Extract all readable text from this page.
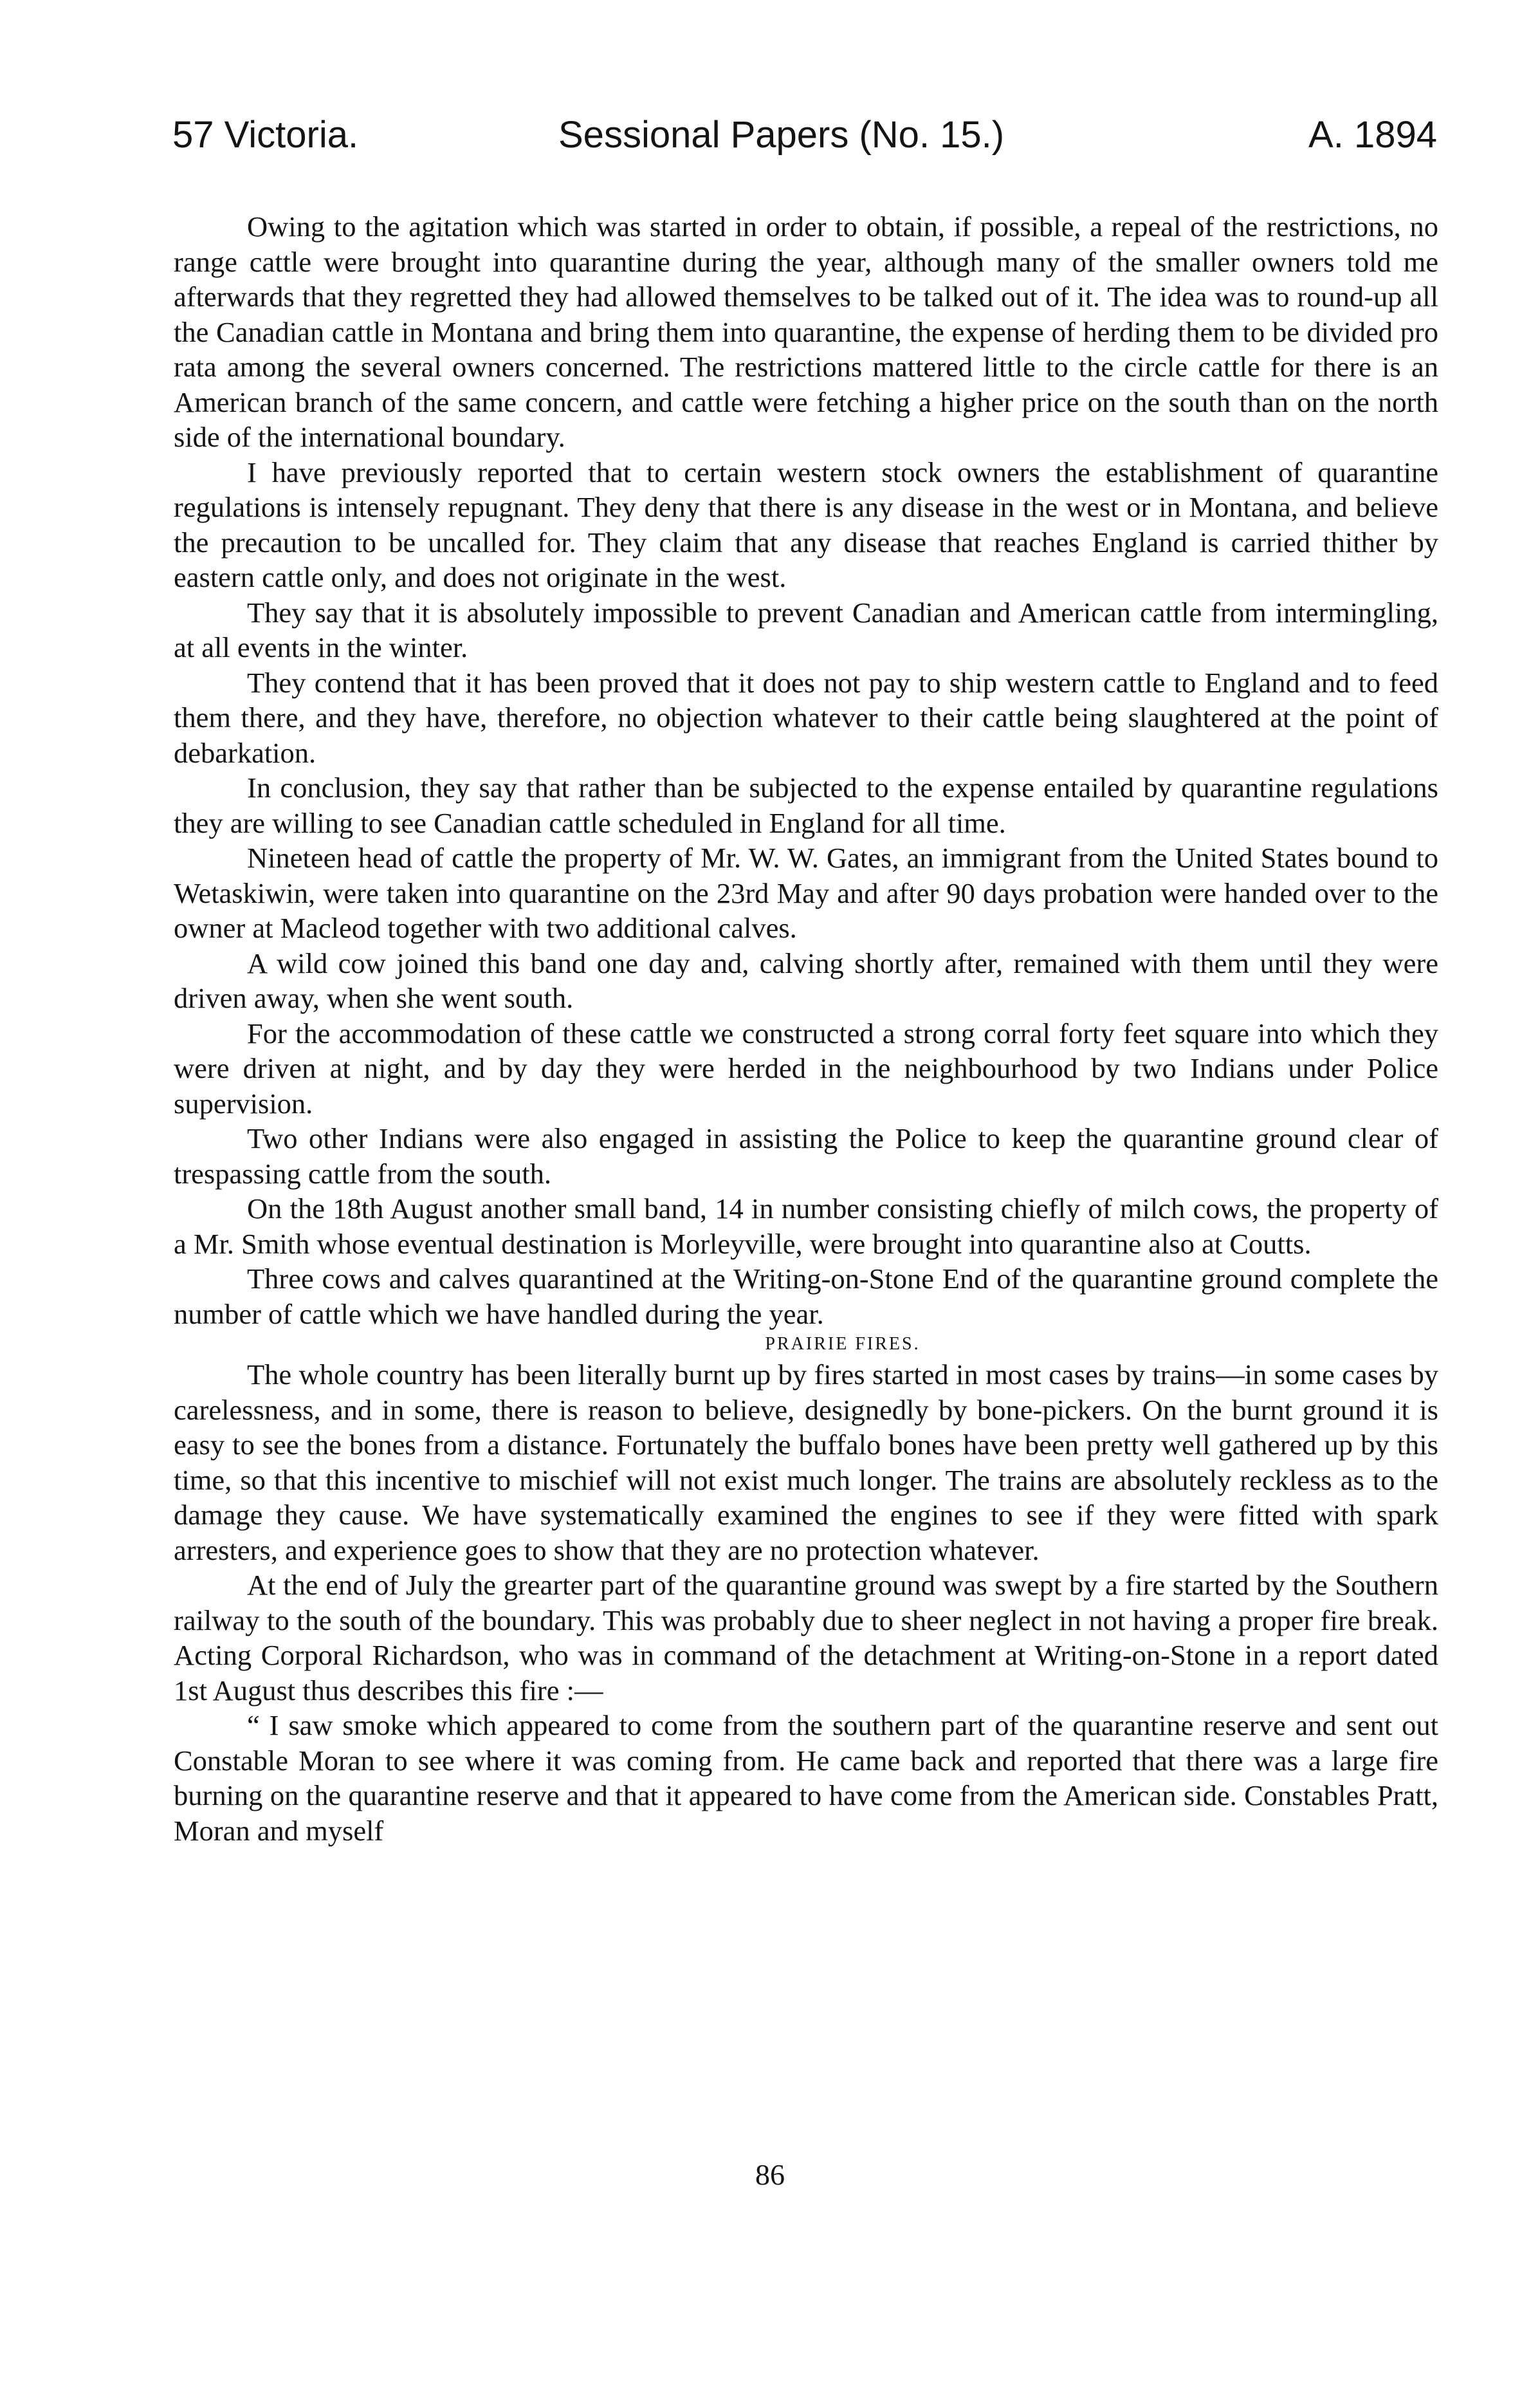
57 Victoria.	Sessional Papers (No. 15.)	A. 1894

Owing to the agitation which was started in order to obtain, if possible, a repeal of the restrictions, no range cattle were brought into quarantine during the year, although many of the smaller owners told me afterwards that they regretted they had allowed themselves to be talked out of it. The idea was to round-up all the Canadian cattle in Montana and bring them into quarantine, the expense of herding them to be divided pro rata among the several owners concerned. The restrictions mattered little to the circle cattle for there is an American branch of the same concern, and cattle were fetching a higher price on the south than on the north side of the international boundary.

I have previously reported that to certain western stock owners the establishment of quarantine regulations is intensely repugnant. They deny that there is any disease in the west or in Montana, and believe the precaution to be uncalled for. They claim that any disease that reaches England is carried thither by eastern cattle only, and does not originate in the west.

They say that it is absolutely impossible to prevent Canadian and American cattle from intermingling, at all events in the winter.

They contend that it has been proved that it does not pay to ship western cattle to England and to feed them there, and they have, therefore, no objection whatever to their cattle being slaughtered at the point of debarkation.

In conclusion, they say that rather than be subjected to the expense entailed by quarantine regulations they are willing to see Canadian cattle scheduled in England for all time.

Nineteen head of cattle the property of Mr. W. W. Gates, an immigrant from the United States bound to Wetaskiwin, were taken into quarantine on the 23rd May and after 90 days probation were handed over to the owner at Macleod together with two additional calves.

A wild cow joined this band one day and, calving shortly after, remained with them until they were driven away, when she went south.

For the accommodation of these cattle we constructed a strong corral forty feet square into which they were driven at night, and by day they were herded in the neighbourhood by two Indians under Police supervision.

Two other Indians were also engaged in assisting the Police to keep the quarantine ground clear of trespassing cattle from the south.

On the 18th August another small band, 14 in number consisting chiefly of milch cows, the property of a Mr. Smith whose eventual destination is Morleyville, were brought into quarantine also at Coutts.

Three cows and calves quarantined at the Writing-on-Stone End of the quarantine ground complete the number of cattle which we have handled during the year.

PRAIRIE FIRES.

The whole country has been literally burnt up by fires started in most cases by trains—in some cases by carelessness, and in some, there is reason to believe, designedly by bone-pickers. On the burnt ground it is easy to see the bones from a distance. Fortunately the buffalo bones have been pretty well gathered up by this time, so that this incentive to mischief will not exist much longer. The trains are absolutely reckless as to the damage they cause. We have systematically examined the engines to see if they were fitted with spark arresters, and experience goes to show that they are no protection whatever.

At the end of July the grearter part of the quarantine ground was swept by a fire started by the Southern railway to the south of the boundary. This was probably due to sheer neglect in not having a proper fire break. Acting Corporal Richardson, who was in command of the detachment at Writing-on-Stone in a report dated 1st August thus describes this fire :—

“ I saw smoke which appeared to come from the southern part of the quarantine reserve and sent out Constable Moran to see where it was coming from. He came back and reported that there was a large fire burning on the quarantine reserve and that it appeared to have come from the American side. Constables Pratt, Moran and myself

86
